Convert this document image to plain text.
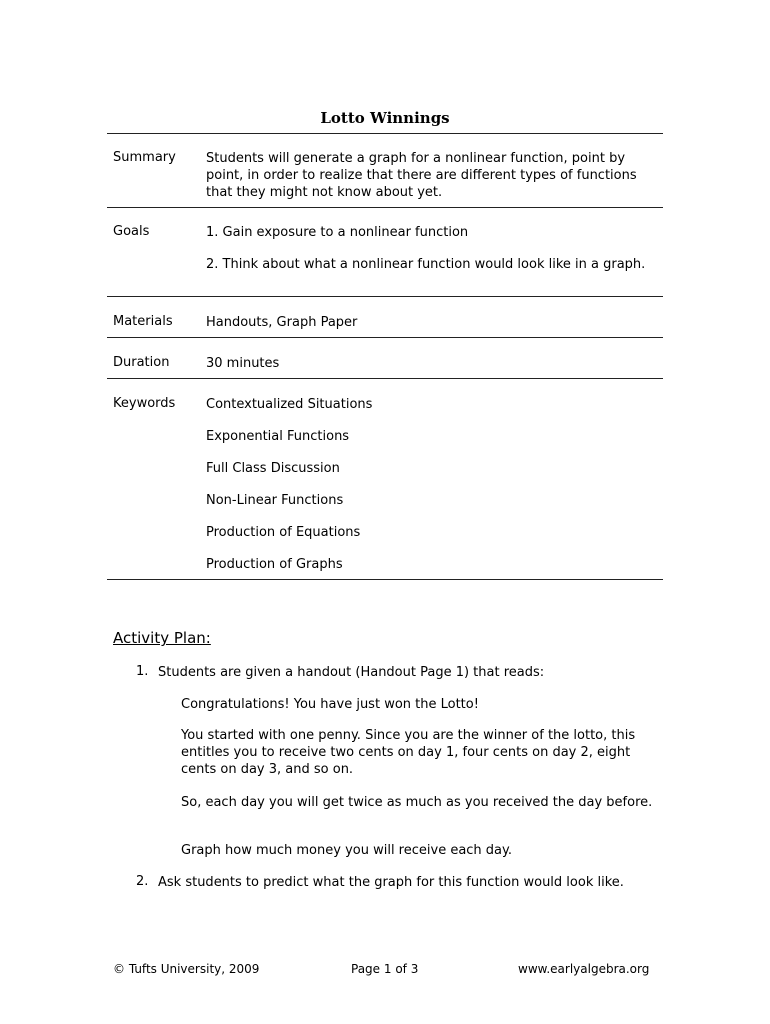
Lotto Winnings
Summary Students will generate a graph for a nonlinear function, point by point, in order to realize that there are different types of functions that they might not know about yet.
Goals	1. Gain exposure to a nonlinear function
2. Think about what a nonlinear function would look like in a graph.
Materials	Handouts, Graph Paper
Duration	30 minutes
Keywords Contextualized Situations
Exponential Functions
Full Class Discussion
Non-Linear Functions
Production of Equations
Production of Graphs
Activity Plan:
1. Students are given a handout (Handout Page 1) that reads:
Congratulations! You have just won the Lotto!
You started with one penny. Since you are the winner of the lotto, this entitles you to receive two cents on day 1, four cents on day 2, eight cents on day 3, and so on.
So, each day you will get twice as much as you received the day before.
Graph how much money you will receive each day.
2. Ask students to predict what the graph for this function would look like.
© Tufts University, 2009	Page 1 of 3	www.earlyalgebra.org
